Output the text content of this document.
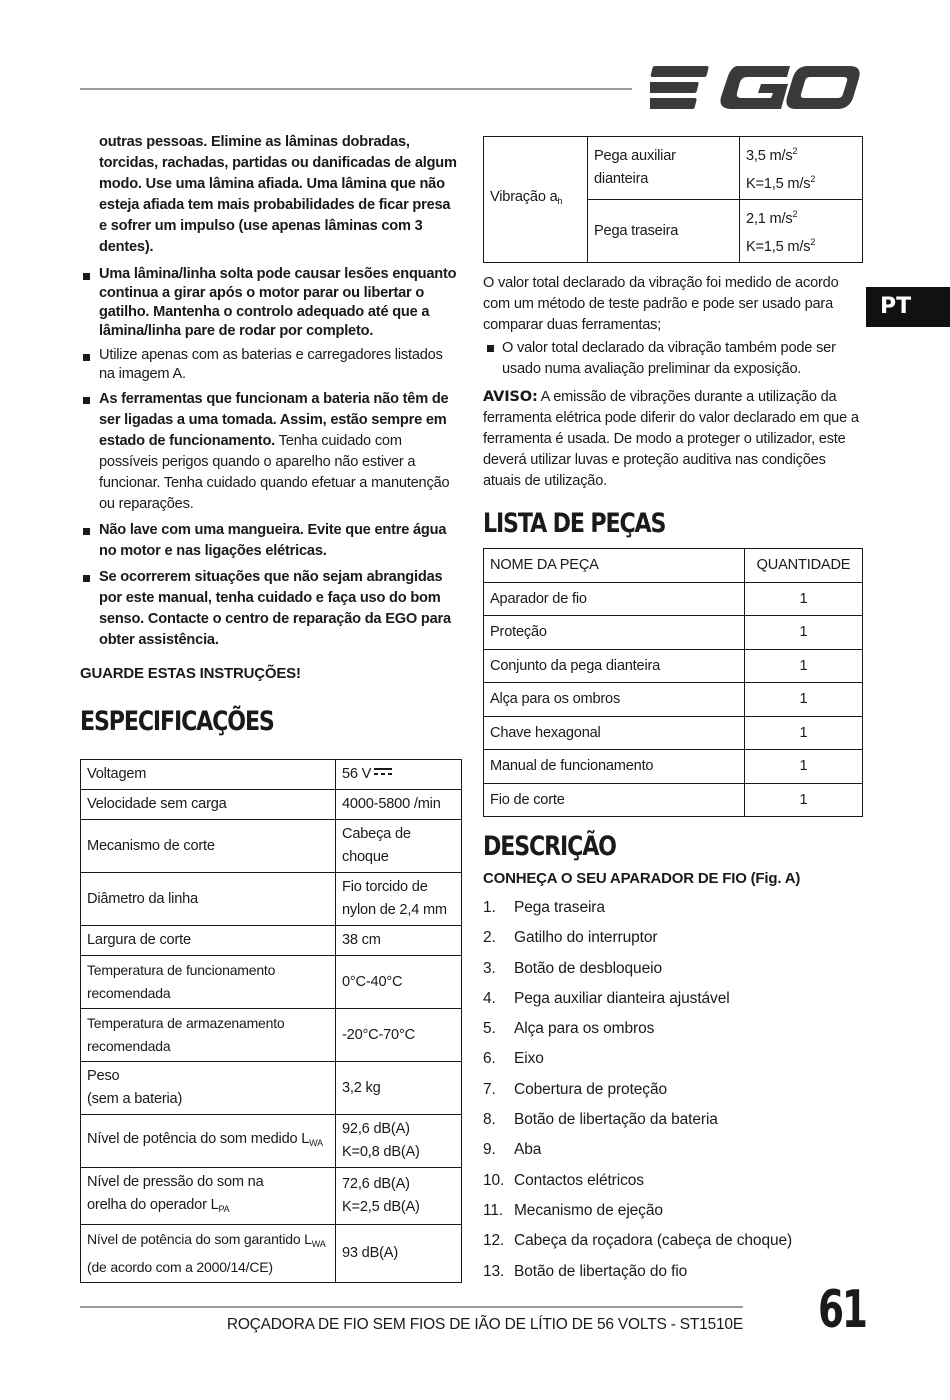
PT
outras pessoas. Elimine as lâminas dobradas, torcidas, rachadas, partidas ou danificadas de algum modo. Use uma lâmina afiada. Uma lâmina que não esteja afiada tem mais probabilidades de ficar presa e sofrer um impulso (use apenas lâminas com 3 dentes).
Uma lâmina/linha solta pode causar lesões enquanto continua a girar após o motor parar ou libertar o gatilho. Mantenha o controlo adequado até que a lâmina/linha pare de rodar por completo.
Utilize apenas com as baterias e carregadores listados na imagem A.
As ferramentas que funcionam a bateria não têm de ser ligadas a uma tomada. Assim, estão sempre em estado de funcionamento. Tenha cuidado com possíveis perigos quando o aparelho não estiver a funcionar. Tenha cuidado quando efetuar a manutenção ou reparações.
Não lave com uma mangueira. Evite que entre água no motor e nas ligações elétricas.
Se ocorrerem situações que não sejam abrangidas por este manual, tenha cuidado e faça uso do bom senso. Contacte o centro de reparação da EGO para obter assistência.
GUARDE ESTAS INSTRUÇÕES!
ESPECIFICAÇÕES
Voltagem	56 V
Velocidade sem carga	4000-5800 /min
Mecanismo de corte	Cabeça de choque
Diâmetro da linha	Fio torcido de nylon de 2,4 mm
Largura de corte	38 cm
Temperatura de funcionamento recomendada	0°C-40°C
Temperatura de armazenamento recomendada	-20°C-70°C
Peso
(sem a bateria)	3,2 kg
Nível de potência do som medido $L_{WA}$	92,6 dB(A)
K=0,8 dB(A)
Nível de pressão do som na
orelha do operador $L_{PA}$	72,6 dB(A)
K=2,5 dB(A)
Nível de potência do som garantido $L_{WA}$
(de acordo com a 2000/14/CE)	93 dB(A)
Vibração $a_h$	Pega auxiliar dianteira	3,5 $m/s^2$
K=1,5 $m/s^2$
	Pega traseira	2,1 $m/s^2$
K=1,5 $m/s^2$
O valor total declarado da vibração foi medido de acordo com um método de teste padrão e pode ser usado para comparar duas ferramentas;
O valor total declarado da vibração também pode ser usado numa avaliação preliminar da exposição.
AVISO: A emissão de vibrações durante a utilização da ferramenta elétrica pode diferir do valor declarado em que a ferramenta é usada. De modo a proteger o utilizador, este deverá utilizar luvas e proteção auditiva nas condições atuais de utilização.
LISTA DE PEÇAS
NOME DA PEÇA	QUANTIDADE
Aparador de fio	1
Proteção	1
Conjunto da pega dianteira	1
Alça para os ombros	1
Chave hexagonal	1
Manual de funcionamento	1
Fio de corte	1
DESCRIÇÃO
CONHEÇA O SEU APARADOR DE FIO (Fig. A)
1. Pega traseira
2. Gatilho do interruptor
3. Botão de desbloqueio
4. Pega auxiliar dianteira ajustável
5. Alça para os ombros
6. Eixo
7. Cobertura de proteção
8. Botão de libertação da bateria
9. Aba
10. Contactos elétricos
11. Mecanismo de ejeção
12. Cabeça da roçadora (cabeça de choque)
13. Botão de libertação do fio
ROÇADORA DE FIO SEM FIOS DE IÃO DE LÍTIO DE 56 VOLTS - ST1510E 61
